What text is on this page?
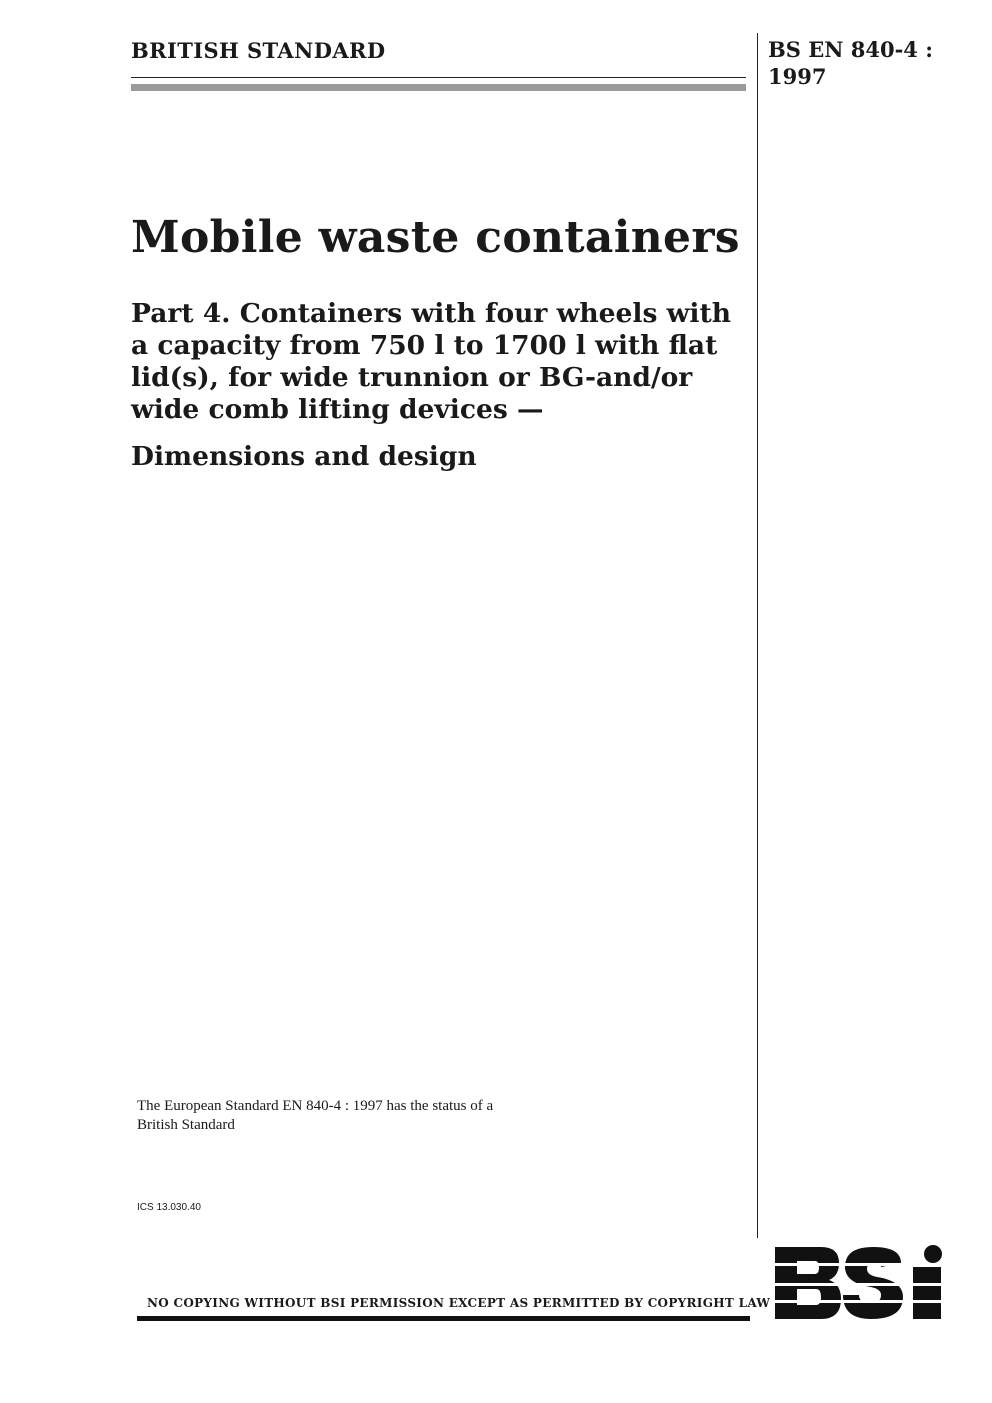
BRITISH STANDARD	BS EN 840-4 :
1997
Mobile waste containers
Part 4. Containers with four wheels with
a capacity from 750 l to 1700 l with flat
lid(s), for wide trunnion or BG-and/or
wide comb lifting devices —
Dimensions and design
The European Standard EN 840-4 : 1997 has the status of a
British Standard
ICS 13.030.40
NO COPYING WITHOUT BSI PERMISSION EXCEPT AS PERMITTED BY COPYRIGHT LAW
